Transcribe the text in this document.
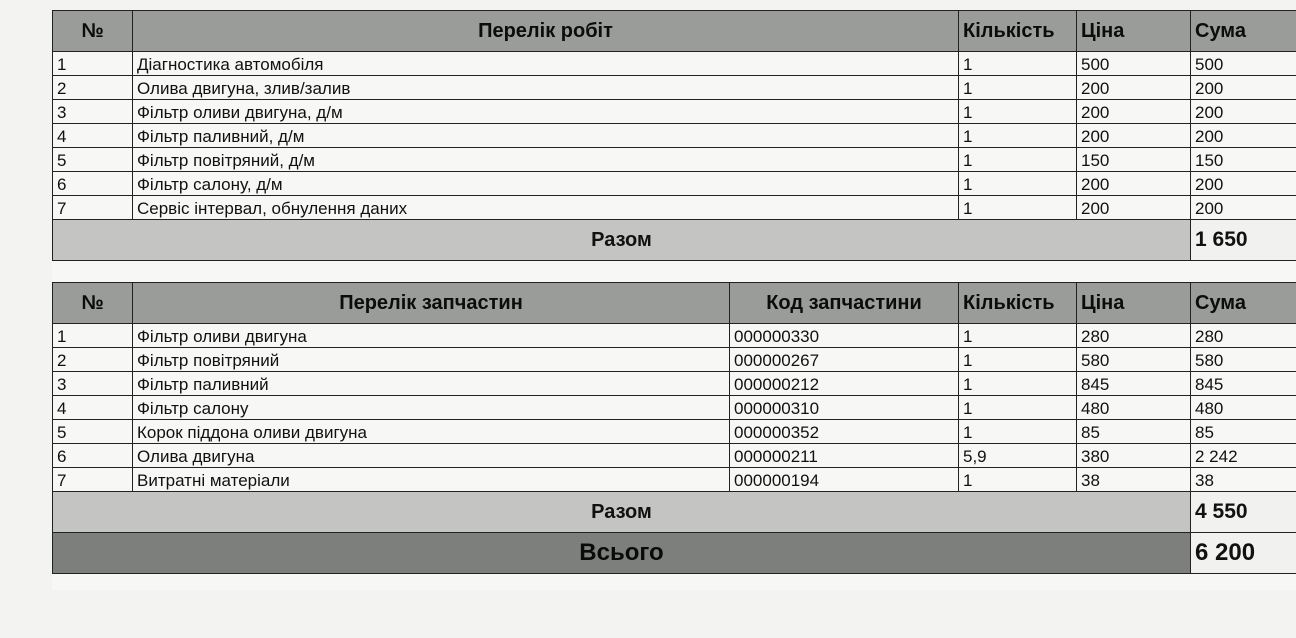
№	Перелік робіт	Кількість	Ціна	Сума
1	Діагностика автомобіля	1	500	500
2	Олива двигуна, злив/залив	1	200	200
3	Фільтр оливи двигуна, д/м	1	200	200
4	Фільтр паливний, д/м	1	200	200
5	Фільтр повітряний, д/м	1	150	150
6	Фільтр салону, д/м	1	200	200
7	Сервіс інтервал, обнулення даних	1	200	200
Разом				1 650
№	Перелік запчастин	Код запчастини	Кількість	Ціна	Сума
1	Фільтр оливи двигуна	000000330	1	280	280
2	Фільтр повітряний	000000267	1	580	580
3	Фільтр паливний	000000212	1	845	845
4	Фільтр салону	000000310	1	480	480
5	Корок піддона оливи двигуна	000000352	1	85	85
6	Олива двигуна	000000211	5,9	380	2 242
7	Витратні матеріали	000000194	1	38	38
Разом					4 550
Всього					6 200
